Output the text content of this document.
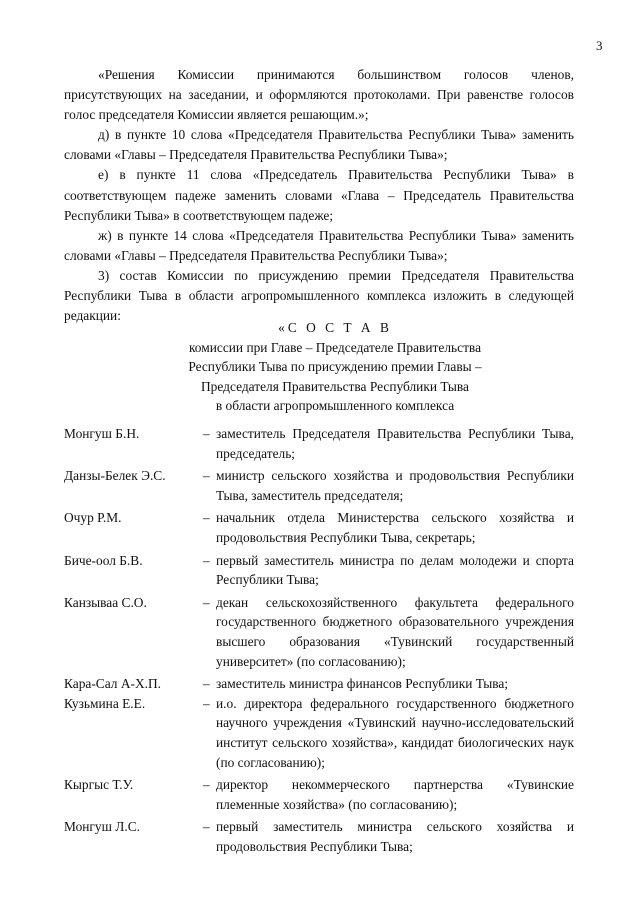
3

«Решения Комиссии принимаются большинством голосов членов, присутствующих на заседании, и оформляются протоколами. При равенстве голосов голос председателя Комиссии является решающим.»;

д) в пункте 10 слова «Председателя Правительства Республики Тыва» заменить словами «Главы – Председателя Правительства Республики Тыва»;

е) в пункте 11 слова «Председатель Правительства Республики Тыва» в соответствующем падеже заменить словами «Глава – Председатель Правительства Республики Тыва» в соответствующем падеже;

ж) в пункте 14 слова «Председателя Правительства Республики Тыва» заменить словами «Главы – Председателя Правительства Республики Тыва»;

3) состав Комиссии по присуждению премии Председателя Правительства Республики Тыва в области агропромышленного комплекса изложить в следующей редакции:

«С О С Т А В
комиссии при Главе – Председателе Правительства
Республики Тыва по присуждению премии Главы –
Председателя Правительства Республики Тыва
в области агропромышленного комплекса
Монгуш Б.Н.	– заместитель Председателя Правительства Республики Тыва, председатель;
Данзы-Белек Э.С.	– министр сельского хозяйства и продовольствия Республики Тыва, заместитель председателя;
Очур Р.М.	– начальник отдела Министерства сельского хозяйства и продовольствия Республики Тыва, секретарь;
Биче-оол Б.В.	– первый заместитель министра по делам молодежи и спорта Республики Тыва;
Канзываа С.О.	– декан сельскохозяйственного факультета федерального государственного бюджетного образовательного учреждения высшего образования «Тувинский государственный университет» (по согласованию);
Кара-Сал А-Х.П.	– заместитель министра финансов Республики Тыва;
Кузьмина Е.Е.	– и.о. директора федерального государственного бюджетного научного учреждения «Тувинский научно-исследовательский институт сельского хозяйства», кандидат биологических наук (по согласованию);
Кыргыс Т.У.	– директор некоммерческого партнерства «Тувинские племенные хозяйства» (по согласованию);
Монгуш Л.С.	– первый заместитель министра сельского хозяйства и продовольствия Республики Тыва;
